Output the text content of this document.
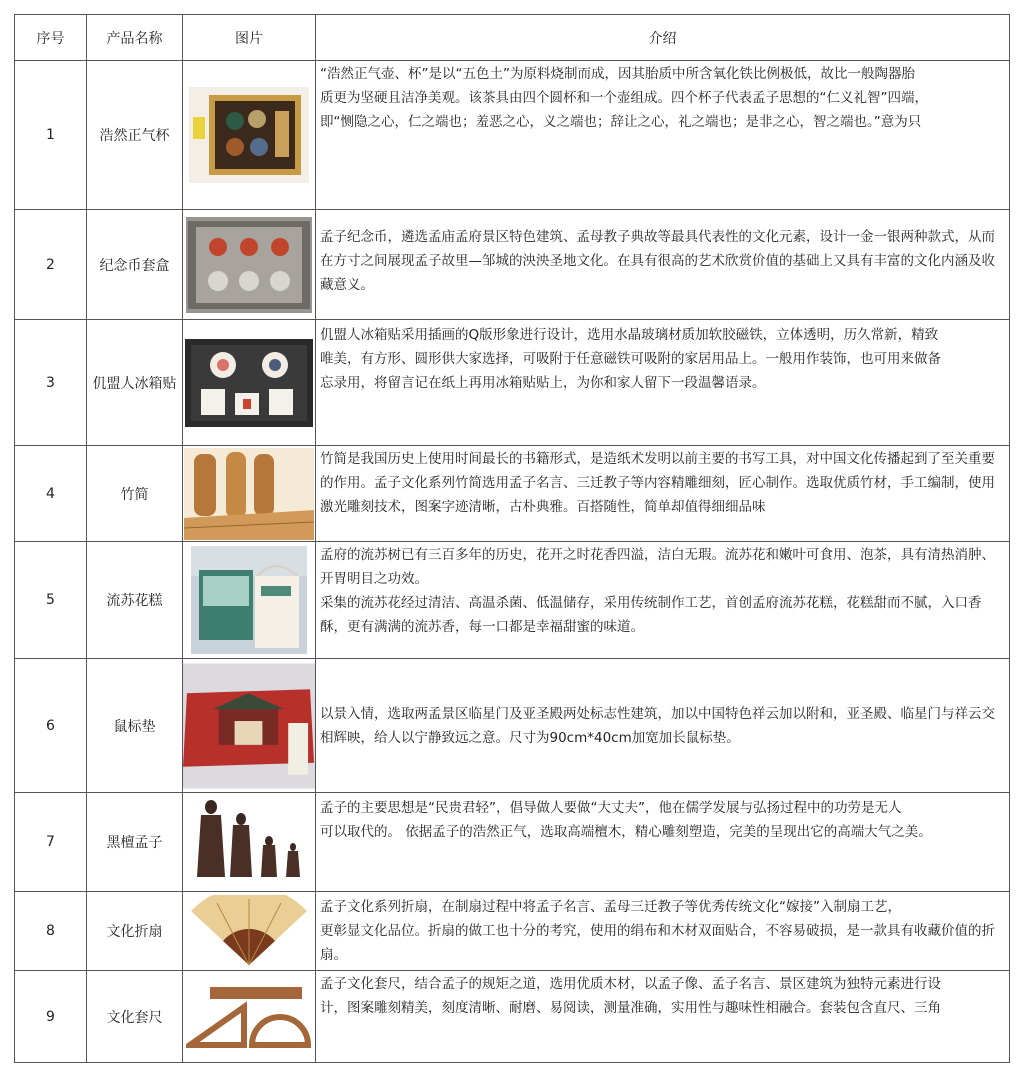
序号	产品名称	图片	介绍
1	浩然正气杯		“浩然正气壶、杯”是以“五色土”为原料烧制而成，因其胎质中所含氧化铁比例极低，故比一般陶器胎

质更为坚硬且洁净美观。该茶具由四个圆杯和一个壶组成。四个杯子代表孟子思想的“仁义礼智”四端，

即“恻隐之心，仁之端也；羞恶之心，义之端也；辞让之心，礼之端也；是非之心，智之端也。”意为只

2	纪念币套盒		孟子纪念币，遴选孟庙孟府景区特色建筑、孟母教子典故等最具代表性的文化元素，设计一金一银两种款式，从而在方寸之间展现孟子故里—邹城的泱泱圣地文化。在具有很高的艺术欣赏价值的基础上又具有丰富的文化内涵及收藏意义。

3	仉盟人冰箱贴		仉盟人冰箱贴采用插画的Q版形象进行设计，选用水晶玻璃材质加软胶磁铁，立体透明，历久常新，精致

唯美，有方形、圆形供大家选择，可吸附于任意磁铁可吸附的家居用品上。一般用作装饰，也可用来做备

忘录用，将留言记在纸上再用冰箱贴贴上，为你和家人留下一段温馨语录。

4	竹简		竹简是我国历史上使用时间最长的书籍形式，是造纸术发明以前主要的书写工具，对中国文化传播起到了至关重要的作用。孟子文化系列竹简选用孟子名言、三迁教子等内容精雕细刻，匠心制作。选取优质竹材，手工编制，使用激光雕刻技术，图案字迹清晰，古朴典雅。百搭随性，简单却值得细细品味

5	流苏花糕		孟府的流苏树已有三百多年的历史，花开之时花香四溢，洁白无瑕。流苏花和嫩叶可食用、泡茶，具有清热消肿、开胃明目之功效。

采集的流苏花经过清洁、高温杀菌、低温储存，采用传统制作工艺，首创孟府流苏花糕，花糕甜而不腻，入口香酥，更有满满的流苏香，每一口都是幸福甜蜜的味道。

6	鼠标垫		以景入情，选取两孟景区临星门及亚圣殿两处标志性建筑，加以中国特色祥云加以附和，亚圣殿、临星门与祥云交相辉映，给人以宁静致远之意。尺寸为90cm*40cm加宽加长鼠标垫。

7	黑檀孟子		孟子的主要思想是“民贵君轻”，倡导做人要做“大丈夫”，他在儒学发展与弘扬过程中的功劳是无人

可以取代的。 依据孟子的浩然正气，选取高端檀木，精心雕刻塑造，完美的呈现出它的高端大气之美。

8	文化折扇		孟子文化系列折扇，在制扇过程中将孟子名言、孟母三迁教子等优秀传统文化“嫁接”入制扇工艺，

更彰显文化品位。折扇的做工也十分的考究，使用的绢布和木材双面贴合，不容易破损，是一款具有收藏价值的折扇。

9	文化套尺		孟子文化套尺，结合孟子的规矩之道，选用优质木材，以孟子像、孟子名言、景区建筑为独特元素进行设

计，图案雕刻精美，刻度清晰、耐磨、易阅读，测量准确，实用性与趣味性相融合。套装包含直尺、三角
